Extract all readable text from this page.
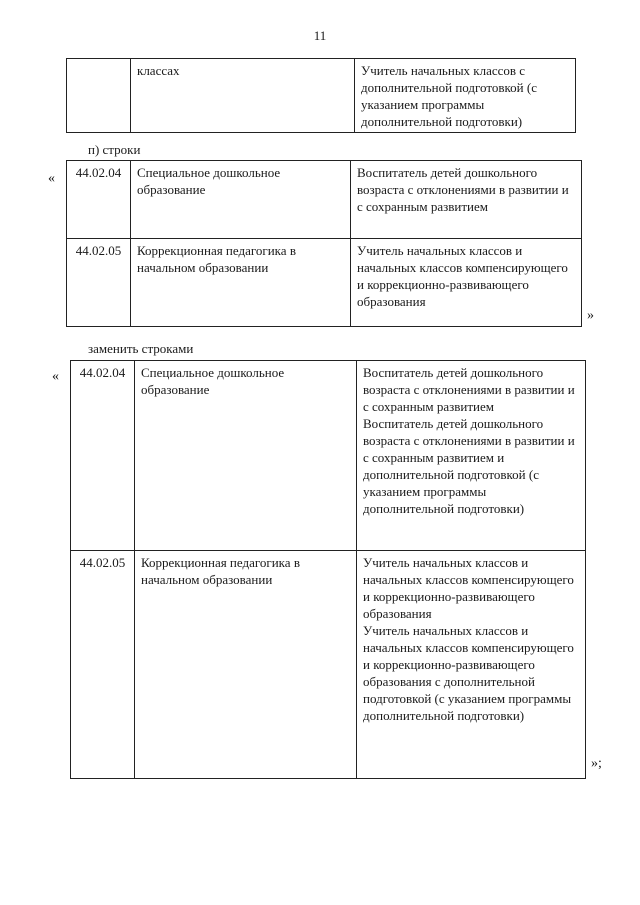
11
	классах	Учитель начальных классов с дополнительной подготовкой (с указанием программы дополнительной подготовки)
п) строки
« 44.02.04	Специальное дошкольное образование	Воспитатель детей дошкольного возраста с отклонениями в развитии и с сохранным развитием
44.02.05	Коррекционная педагогика в начальном образовании	Учитель начальных классов и начальных классов компенсирующего и коррекционно-развивающего образования
»
заменить строками
« 44.02.04	Специальное дошкольное образование	Воспитатель детей дошкольного возраста с отклонениями в развитии и с сохранным развитием
Воспитатель детей дошкольного возраста с отклонениями в развитии и с сохранным развитием и дополнительной подготовкой (с указанием программы дополнительной подготовки)

44.02.05	Коррекционная педагогика в начальном образовании	Учитель начальных классов и начальных классов компенсирующего и коррекционно-развивающего образования
Учитель начальных классов и начальных классов компенсирующего и коррекционно-развивающего образования с дополнительной подготовкой (с указанием программы дополнительной подготовки)
»;
